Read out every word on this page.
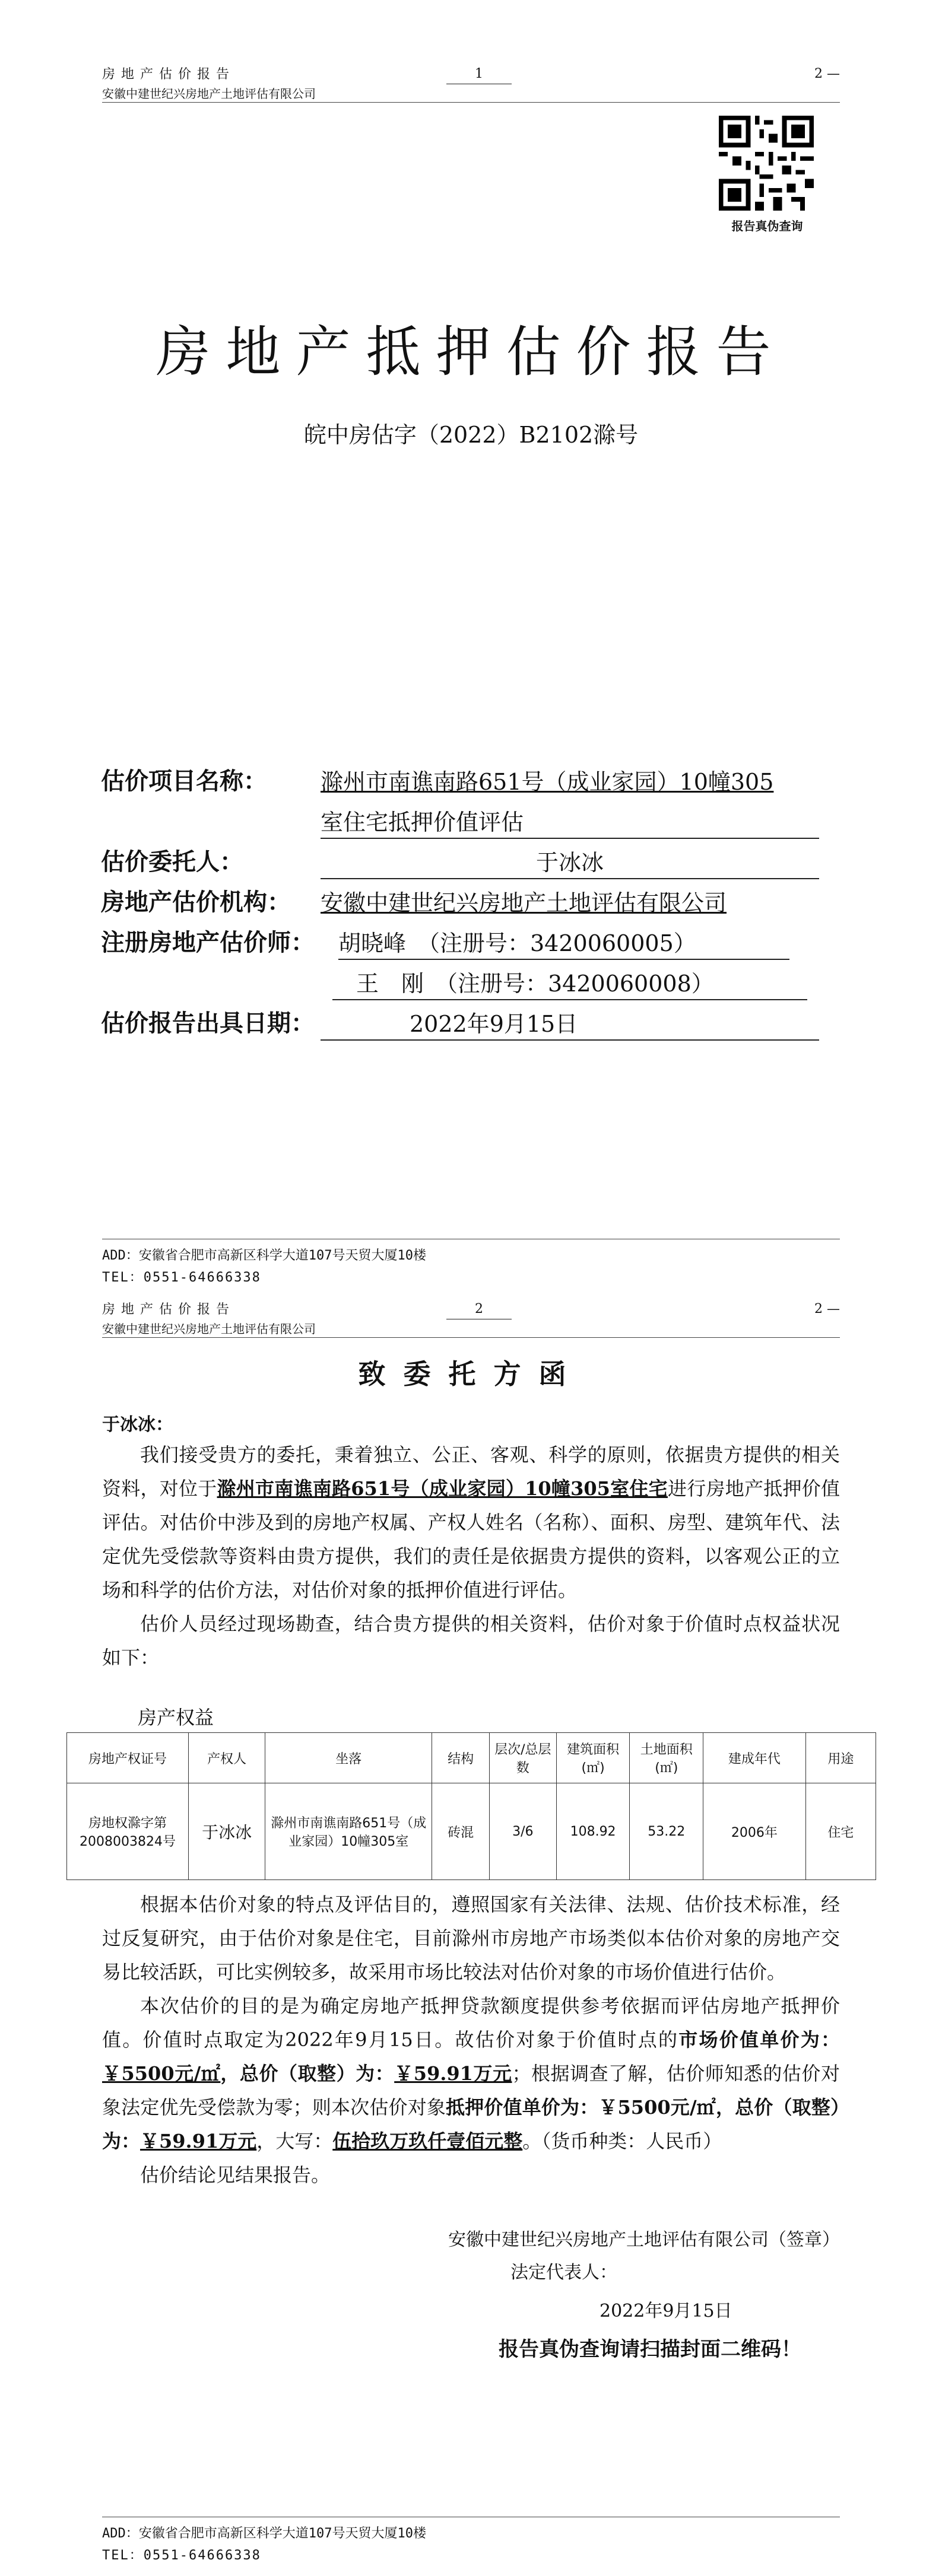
房地产估价报告
安徽中建世纪兴房地产土地评估有限公司
1	2 —
报告真伪查询
房地产抵押估价报告
皖中房估字（2022）B2102滁号
估价项目名称： 滁州市南谯南路651号（成业家园）10幢305
室住宅抵押价值评估
估价委托人：	于冰冰
房地产估价机构： 安徽中建世纪兴房地产土地评估有限公司
注册房地产估价师： 胡晓峰　（注册号：3420060005）
王　刚　（注册号：3420060008）
估价报告出具日期：	2022年9月15日
ADD：安徽省合肥市高新区科学大道107号天贸大厦10楼
TEL：0551-64666338
房地产估价报告
安徽中建世纪兴房地产土地评估有限公司
2	2 —
致委托方函
于冰冰：

我们接受贵方的委托，秉着独立、公正、客观、科学的原则，依据贵方提供的相关资料，对位于滁州市南谯南路651号（成业家园）10幢305室住宅进行房地产抵押价值评估。对估价中涉及到的房地产权属、产权人姓名（名称）、面积、房型、建筑年代、法定优先受偿款等资料由贵方提供，我们的责任是依据贵方提供的资料，以客观公正的立场和科学的估价方法，对估价对象的抵押价值进行评估。

估价人员经过现场勘查，结合贵方提供的相关资料，估价对象于价值时点权益状况如下：

房产权益
房地产权证号	产权人	坐落	结构	层次/总层数	建筑面积(㎡)	土地面积(㎡)	建成年代	用途
房地权滁字第2008003824号	于冰冰	滁州市南谯南路651号（成业家园）10幢305室	砖混	3/6	108.92	53.22	2006年	住宅

根据本估价对象的特点及评估目的，遵照国家有关法律、法规、估价技术标准，经过反复研究，由于估价对象是住宅，目前滁州市房地产市场类似本估价对象的房地产交易比较活跃，可比实例较多，故采用市场比较法对估价对象的市场价值进行估价。

本次估价的目的是为确定房地产抵押贷款额度提供参考依据而评估房地产抵押价值。价值时点取定为2022年9月15日。故估价对象于价值时点的市场价值单价为：￥5500元/㎡，总价（取整）为：￥59.91万元；根据调查了解，估价师知悉的估价对象法定优先受偿款为零；则本次估价对象抵押价值单价为：￥5500元/㎡，总价（取整）为：￥59.91万元，大写：伍拾玖万玖仟壹佰元整。（货币种类：人民币）

估价结论见结果报告。

安徽中建世纪兴房地产土地评估有限公司（签章）
法定代表人：
2022年9月15日
报告真伪查询请扫描封面二维码！
ADD：安徽省合肥市高新区科学大道107号天贸大厦10楼
TEL：0551-64666338
